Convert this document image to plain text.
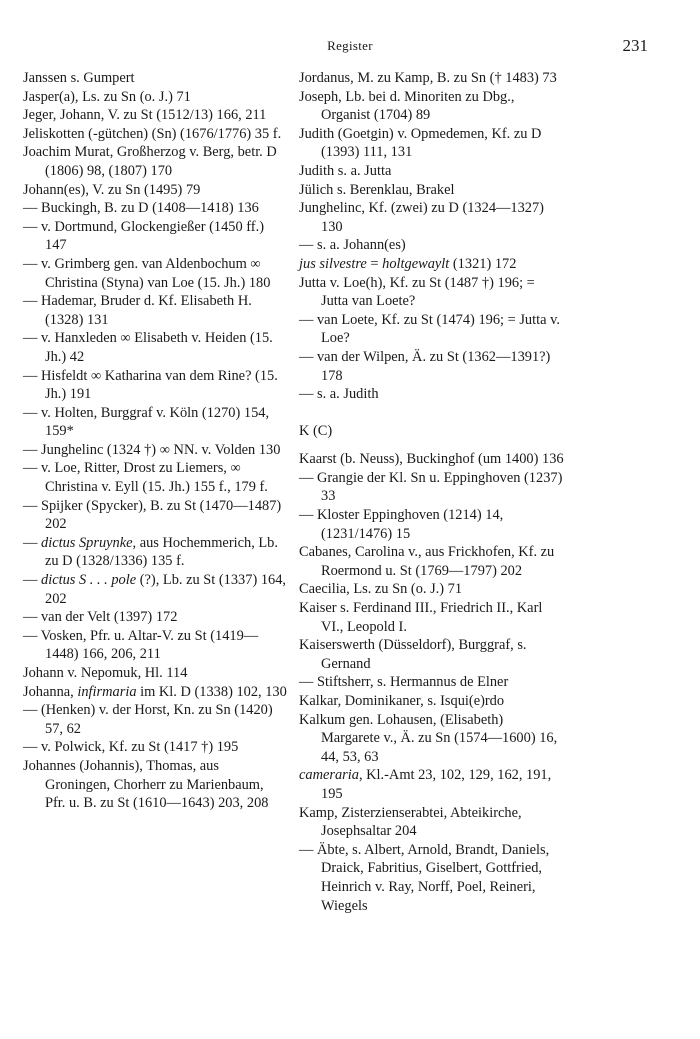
Register	231

Janssen s. Gumpert

Jasper(a), Ls. zu Sn (o. J.) 71

Jeger, Johann, V. zu St (1512/13) 166, 211

Jeliskotten (-gütchen) (Sn) (1676/1776) 35 f.

Joachim Murat, Großherzog v. Berg, betr. D (1806) 98, (1807) 170

Johann(es), V. zu Sn (1495) 79

— Buckingh, B. zu D (1408—1418) 136

— v. Dortmund, Glockengießer (1450 ff.) 147

— v. Grimberg gen. van Aldenbochum ∞ Christina (Styna) van Loe (15. Jh.) 180

— Hademar, Bruder d. Kf. Elisabeth H. (1328) 131

— v. Hanxleden ∞ Elisabeth v. Heiden (15. Jh.) 42

— Hisfeldt ∞ Katharina van dem Rine? (15. Jh.) 191

— v. Holten, Burggraf v. Köln (1270) 154, 159*

— Junghelinc (1324 †) ∞ NN. v. Volden 130

— v. Loe, Ritter, Drost zu Liemers, ∞ Christina v. Eyll (15. Jh.) 155 f., 179 f.

— Spijker (Spycker), B. zu St (1470—1487) 202

— dictus Spruynke, aus Hochemmerich, Lb. zu D (1328/1336) 135 f.

— dictus S . . . pole (?), Lb. zu St (1337) 164, 202

— van der Velt (1397) 172

— Vosken, Pfr. u. Altar-V. zu St (1419—1448) 166, 206, 211

Johann v. Nepomuk, Hl. 114

Johanna, infirmaria im Kl. D (1338) 102, 130

— (Henken) v. der Horst, Kn. zu Sn (1420) 57, 62

— v. Polwick, Kf. zu St (1417 †) 195

Johannes (Johannis), Thomas, aus Groningen, Chorherr zu Marienbaum, Pfr. u. B. zu St (1610—1643) 203, 208

Jordanus, M. zu Kamp, B. zu Sn († 1483) 73

Joseph, Lb. bei d. Minoriten zu Dbg., Organist (1704) 89

Judith (Goetgin) v. Opmedemen, Kf. zu D (1393) 111, 131

Judith s. a. Jutta

Jülich s. Berenklau, Brakel

Junghelinc, Kf. (zwei) zu D (1324—1327) 130

— s. a. Johann(es)

jus silvestre = holtgewaylt (1321) 172

Jutta v. Loe(h), Kf. zu St (1487 †) 196; = Jutta van Loete?

— van Loete, Kf. zu St (1474) 196; = Jutta v. Loe?

— van der Wilpen, Ä. zu St (1362—1391?) 178

— s. a. Judith

K (C)

Kaarst (b. Neuss), Buckinghof (um 1400) 136

— Grangie der Kl. Sn u. Eppinghoven (1237) 33

— Kloster Eppinghoven (1214) 14, (1231/1476) 15

Cabanes, Carolina v., aus Frickhofen, Kf. zu Roermond u. St (1769—1797) 202

Caecilia, Ls. zu Sn (o. J.) 71

Kaiser s. Ferdinand III., Friedrich II., Karl VI., Leopold I.

Kaiserswerth (Düsseldorf), Burggraf, s. Gernand

— Stiftsherr, s. Hermannus de Elner

Kalkar, Dominikaner, s. Isqui(e)rdo

Kalkum gen. Lohausen, (Elisabeth) Margarete v., Ä. zu Sn (1574—1600) 16, 44, 53, 63

cameraria, Kl.-Amt 23, 102, 129, 162, 191, 195

Kamp, Zisterzienserabtei, Abteikirche, Josephsaltar 204

— Äbte, s. Albert, Arnold, Brandt, Daniels, Draick, Fabritius, Giselbert, Gottfried, Heinrich v. Ray, Norff, Poel, Reineri, Wiegels
